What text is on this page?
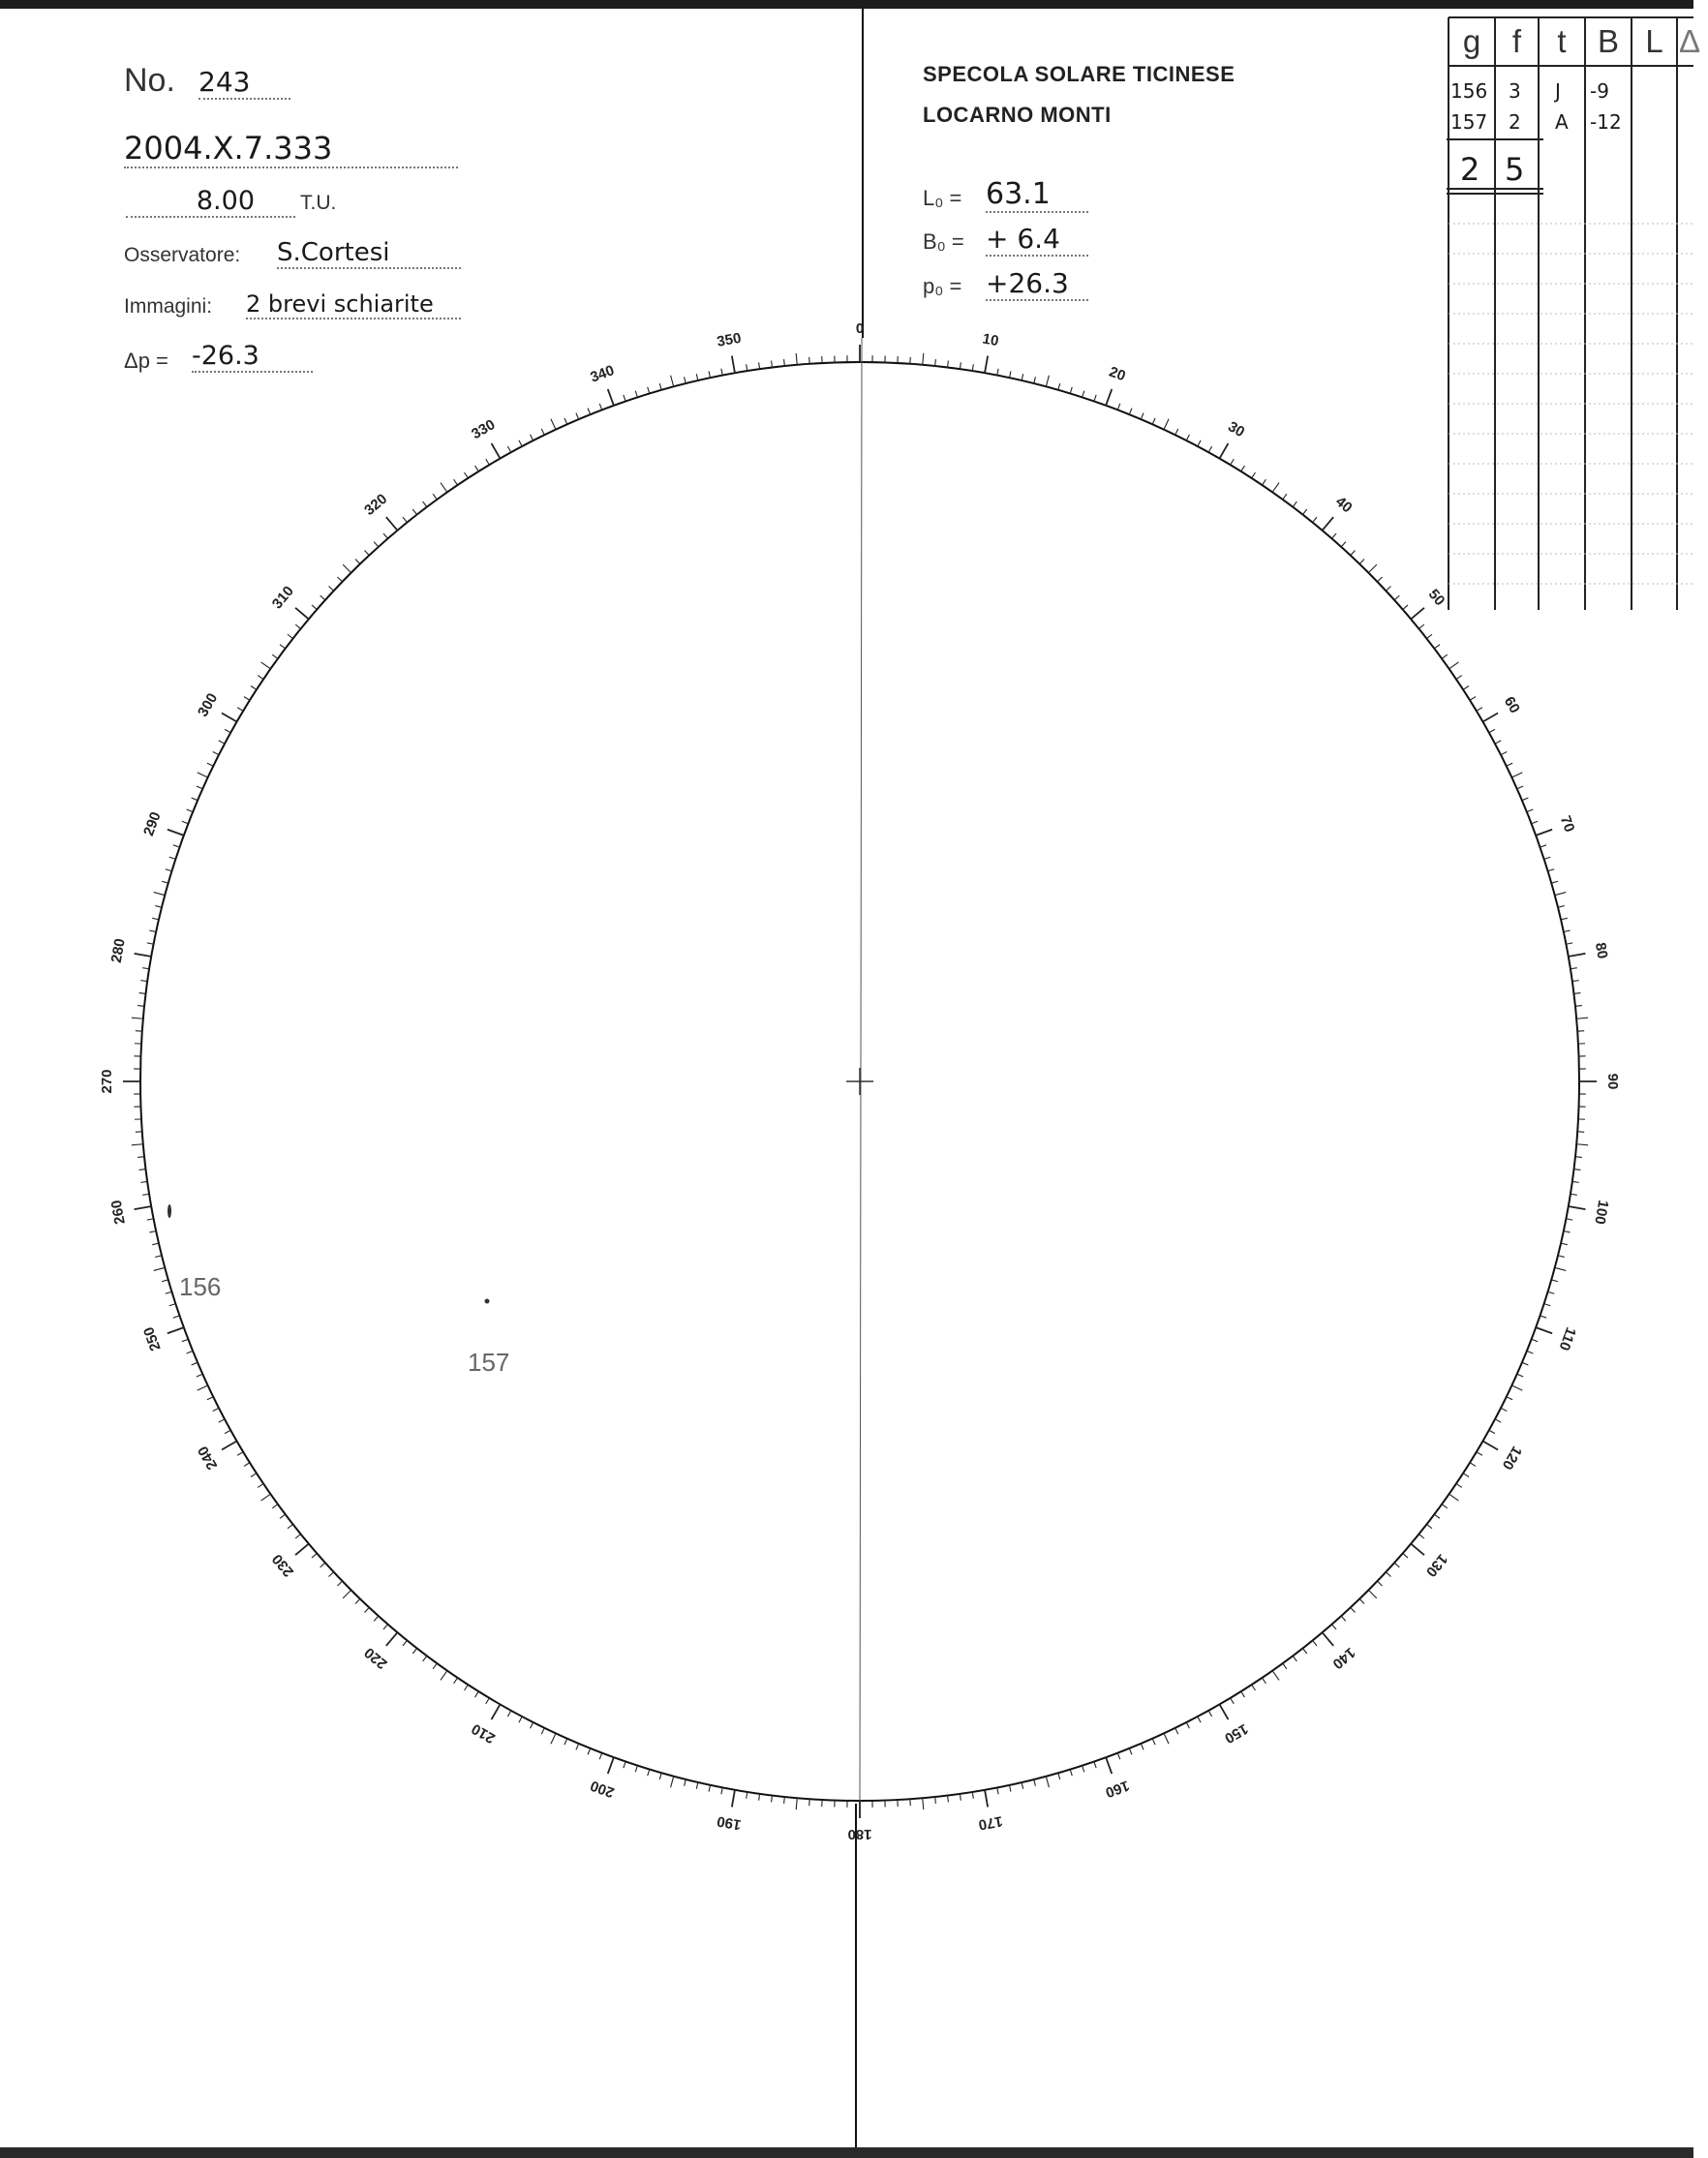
No. 243
2004.X.7.333
8.00	T.U.
Osservatore: S.Cortesi
Immagini: 2 brevi schiarite
Δp = -26.3
SPECOLA SOLARE TICINESE
LOCARNO MONTI
L₀ = 63.1
B₀ = + 6.4
p₀ = +26.3
g f	t B L Δ
156 3 J -9
157 2 A -12
2 5
0
10
20
30
40
50
60
70
80
90
100
110
120
130
140
150
160
170
180
190
200
210
220
230
240
250
260
270
280
290
300
310
320
330
340
350
156
157
